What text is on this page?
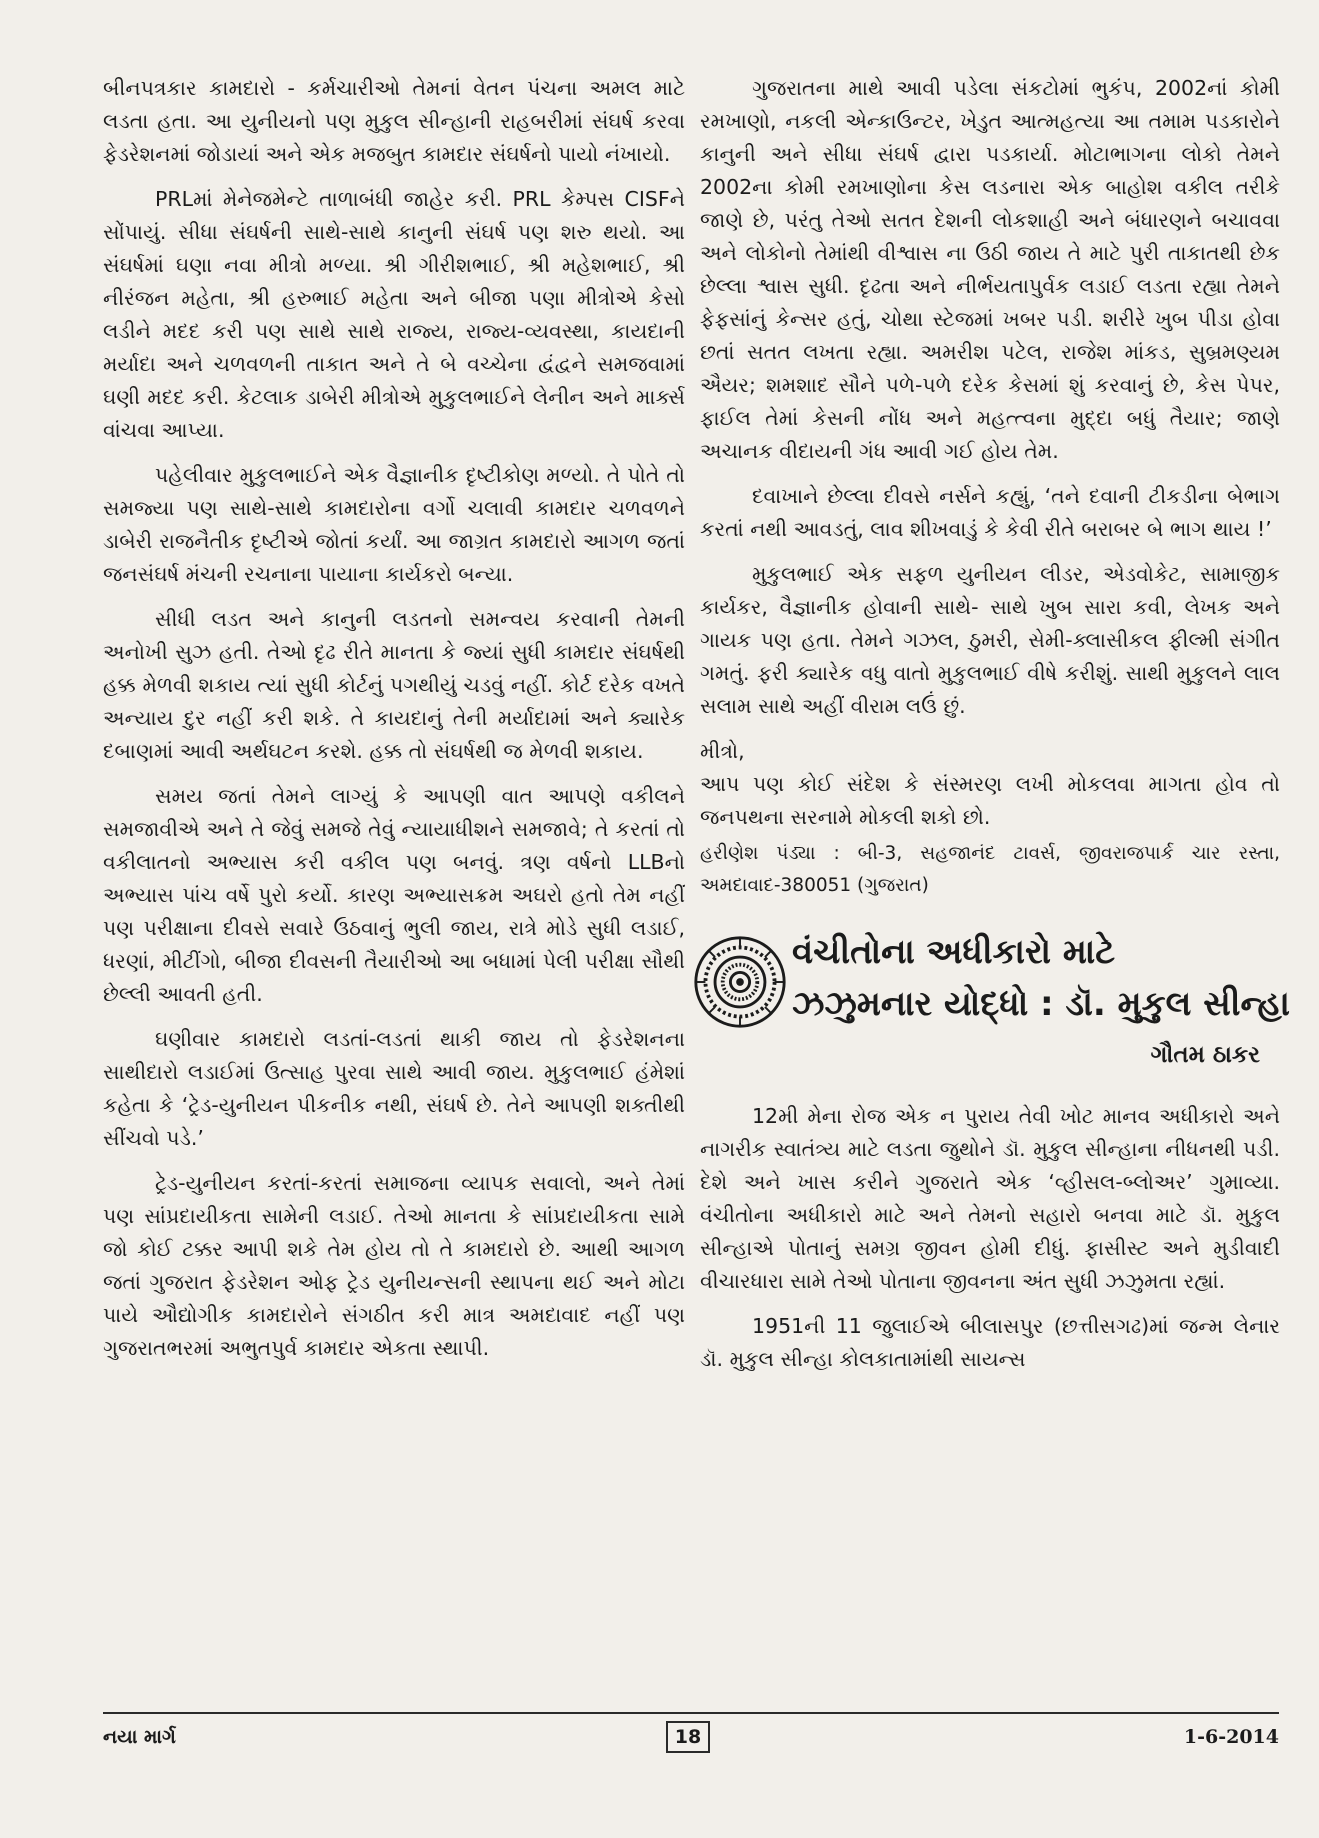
બીનપત્રકાર કામદારો - કર્મચારીઓ તેમનાં વેતન પંચના અમલ માટે લડતા હતા. આ યુનીયનો પણ મુકુલ સીન્હાની રાહબરીમાં સંઘર્ષ કરવા ફેડરેશનમાં જોડાયાં અને એક મજબુત કામદાર સંઘર્ષનો પાયો નંખાયો.

PRLમાં મેનેજમેન્ટે તાળાબંધી જાહેર કરી. PRL કેમ્પસ CISFને સોંપાયું. સીધા સંઘર્ષની સાથે-સાથે કાનુની સંઘર્ષ પણ શરુ થયો. આ સંઘર્ષમાં ઘણા નવા મીત્રો મળ્યા. શ્રી ગીરીશભાઈ, શ્રી મહેશભાઈ, શ્રી નીરંજન મહેતા, શ્રી હરુભાઈ મહેતા અને બીજા પણા મીત્રોએ કેસો લડીને મદદ કરી પણ સાથે સાથે રાજ્ય, રાજ્ય-વ્યવસ્થા, કાયદાની મર્યાદા અને ચળવળની તાકાત અને તે બે વચ્ચેના દ્વંદ્વને સમજવામાં ઘણી મદદ કરી. કેટલાક ડાબેરી મીત્રોએ મુકુલભાઈને લેનીન અને માર્ક્સ વાંચવા આપ્યા.

પહેલીવાર મુકુલભાઈને એક વૈજ્ઞાનીક દૃષ્ટીકોણ મળ્યો. તે પોતે તો સમજ્યા પણ સાથે-સાથે કામદારોના વર્ગો ચલાવી કામદાર ચળવળને ડાબેરી રાજનૈતીક દૃષ્ટીએ જોતાં કર્યાં. આ જાગ્રત કામદારો આગળ જતાં જનસંઘર્ષ મંચની રચનાના પાયાના કાર્યકરો બન્યા.

સીધી લડત અને કાનુની લડતનો સમન્વય કરવાની તેમની અનોખી સુઝ હતી. તેઓ દૃઢ રીતે માનતા કે જ્યાં સુધી કામદાર સંઘર્ષથી હક્ક મેળવી શકાય ત્યાં સુધી કોર્ટનું પગથીયું ચડવું નહીં. કોર્ટ દરેક વખતે અન્યાય દુર નહીં કરી શકે. તે કાયદાનું તેની મર્યાદામાં અને ક્યારેક દબાણમાં આવી અર્થઘટન કરશે. હક્ક તો સંઘર્ષથી જ મેળવી શકાય.

સમય જતાં તેમને લાગ્યું કે આપણી વાત આપણે વકીલને સમજાવીએ અને તે જેવું સમજે તેવું ન્યાયાધીશને સમજાવે; તે કરતાં તો વકીલાતનો અભ્યાસ કરી વકીલ પણ બનવું. ત્રણ વર્ષનો LLBનો અભ્યાસ પાંચ વર્ષે પુરો કર્યો. કારણ અભ્યાસક્રમ અઘરો હતો તેમ નહીં પણ પરીક્ષાના દીવસે સવારે ઉઠવાનું ભુલી જાય, રાત્રે મોડે સુધી લડાઈ, ધરણાં, મીટીંગો, બીજા દીવસની તૈયારીઓ આ બધામાં પેલી પરીક્ષા સૌથી છેલ્લી આવતી હતી.

ઘણીવાર કામદારો લડતાં-લડતાં થાકી જાય તો ફેડરેશનના સાથીદારો લડાઈમાં ઉત્સાહ પુરવા સાથે આવી જાય. મુકુલભાઈ હંમેશાં કહેતા કે ‘ટ્રેડ-યુનીયન પીકનીક નથી, સંઘર્ષ છે. તેને આપણી શક્તીથી સીંચવો પડે.’

ટ્રેડ-યુનીયન કરતાં-કરતાં સમાજના વ્યાપક સવાલો, અને તેમાં પણ સાંપ્રદાયીકતા સામેની લડાઈ. તેઓ માનતા કે સાંપ્રદાયીકતા સામે જો કોઈ ટક્કર આપી શકે તેમ હોય તો તે કામદારો છે. આથી આગળ જતાં ગુજરાત ફેડરેશન ઓફ ટ્રેડ યુનીયન્સની સ્થાપના થઈ અને મોટા પાયે ઔદ્યોગીક કામદારોને સંગઠીત કરી માત્ર અમદાવાદ નહીં પણ ગુજરાતભરમાં અભુતપુર્વ કામદાર એકતા સ્થાપી.

ગુજરાતના માથે આવી પડેલા સંકટોમાં ભુકંપ, 2002નાં કોમી રમખાણો, નકલી એન્કાઉન્ટર, ખેડુત આત્મહત્યા આ તમામ પડકારોને કાનુની અને સીધા સંઘર્ષ દ્વારા પડકાર્યા. મોટાભાગના લોકો તેમને 2002ના કોમી રમખાણોના કેસ લડનારા એક બાહોશ વકીલ તરીકે જાણે છે, પરંતુ તેઓ સતત દેશની લોકશાહી અને બંધારણને બચાવવા અને લોકોનો તેમાંથી વીશ્વાસ ના ઉઠી જાય તે માટે પુરી તાકાતથી છેક છેલ્લા શ્વાસ સુધી. દૃઢતા અને નીર્ભયતાપુર્વક લડાઈ લડતા રહ્યા તેમને ફેફસાંનું કેન્સર હતું, ચોથા સ્ટેજમાં ખબર પડી. શરીરે ખુબ પીડા હોવા છતાં સતત લખતા રહ્યા. અમરીશ પટેલ, રાજેશ માંકડ, સુબ્રમણ્યમ ઐયર; શમશાદ સૌને પળે-પળે દરેક કેસમાં શું કરવાનું છે, કેસ પેપર, ફાઈલ તેમાં કેસની નોંધ અને મહત્ત્વના મુદ્દા બધું તૈયાર; જાણે અચાનક વીદાયની ગંધ આવી ગઈ હોય તેમ.

દવાખાને છેલ્લા દીવસે નર્સને કહ્યું, ‘તને દવાની ટીકડીના બેભાગ કરતાં નથી આવડતું, લાવ શીખવાડું કે કેવી રીતે બરાબર બે ભાગ થાય !’

મુકુલભાઈ એક સફળ યુનીયન લીડર, એડવોકેટ, સામાજીક કાર્યકર, વૈજ્ઞાનીક હોવાની સાથે- સાથે ખુબ સારા કવી, લેખક અને ગાયક પણ હતા. તેમને ગઝલ, ઠુમરી, સેમી-ક્લાસીકલ ફીલ્મી સંગીત ગમતું. ફરી ક્યારેક વધુ વાતો મુકુલભાઈ વીષે કરીશું. સાથી મુકુલને લાલ સલામ સાથે અહીં વીરામ લઉં છું.

મીત્રો,

આપ પણ કોઈ સંદેશ કે સંસ્મરણ લખી મોકલવા માગતા હોવ તો જનપથના સરનામે મોકલી શકો છો.

હરીણેશ પંડ્યા : બી-3, સહજાનંદ ટાવર્સ, જીવરાજપાર્ક ચાર રસ્તા, અમદાવાદ-380051 (ગુજરાત)

વંચીતોના અધીકારો માટે
ઝઝુમનાર યોદ્ધો : ડૉ. મુકુલ સીન્હા
ગૌતમ ઠાકર

12મી મેના રોજ એક ન પુરાય તેવી ખોટ માનવ અધીકારો અને નાગરીક સ્વાતંત્ર્ય માટે લડતા જુથોને ડૉ. મુકુલ સીન્હાના નીધનથી પડી. દેશે અને ખાસ કરીને ગુજરાતે એક ‘વ્હીસલ-બ્લોઅર’ ગુમાવ્યા. વંચીતોના અધીકારો માટે અને તેમનો સહારો બનવા માટે ડૉ. મુકુલ સીન્હાએ પોતાનું સમગ્ર જીવન હોમી દીધું. ફાસીસ્ટ અને મુડીવાદી વીચારધારા સામે તેઓ પોતાના જીવનના અંત સુધી ઝઝુમતા રહ્યાં.

1951ની 11 જુલાઈએ બીલાસપુર (છત્તીસગઢ)માં જન્મ લેનાર ડૉ. મુકુલ સીન્હા કોલકાતામાંથી સાયન્સ

નયા માર્ગ	18	1-6-2014
